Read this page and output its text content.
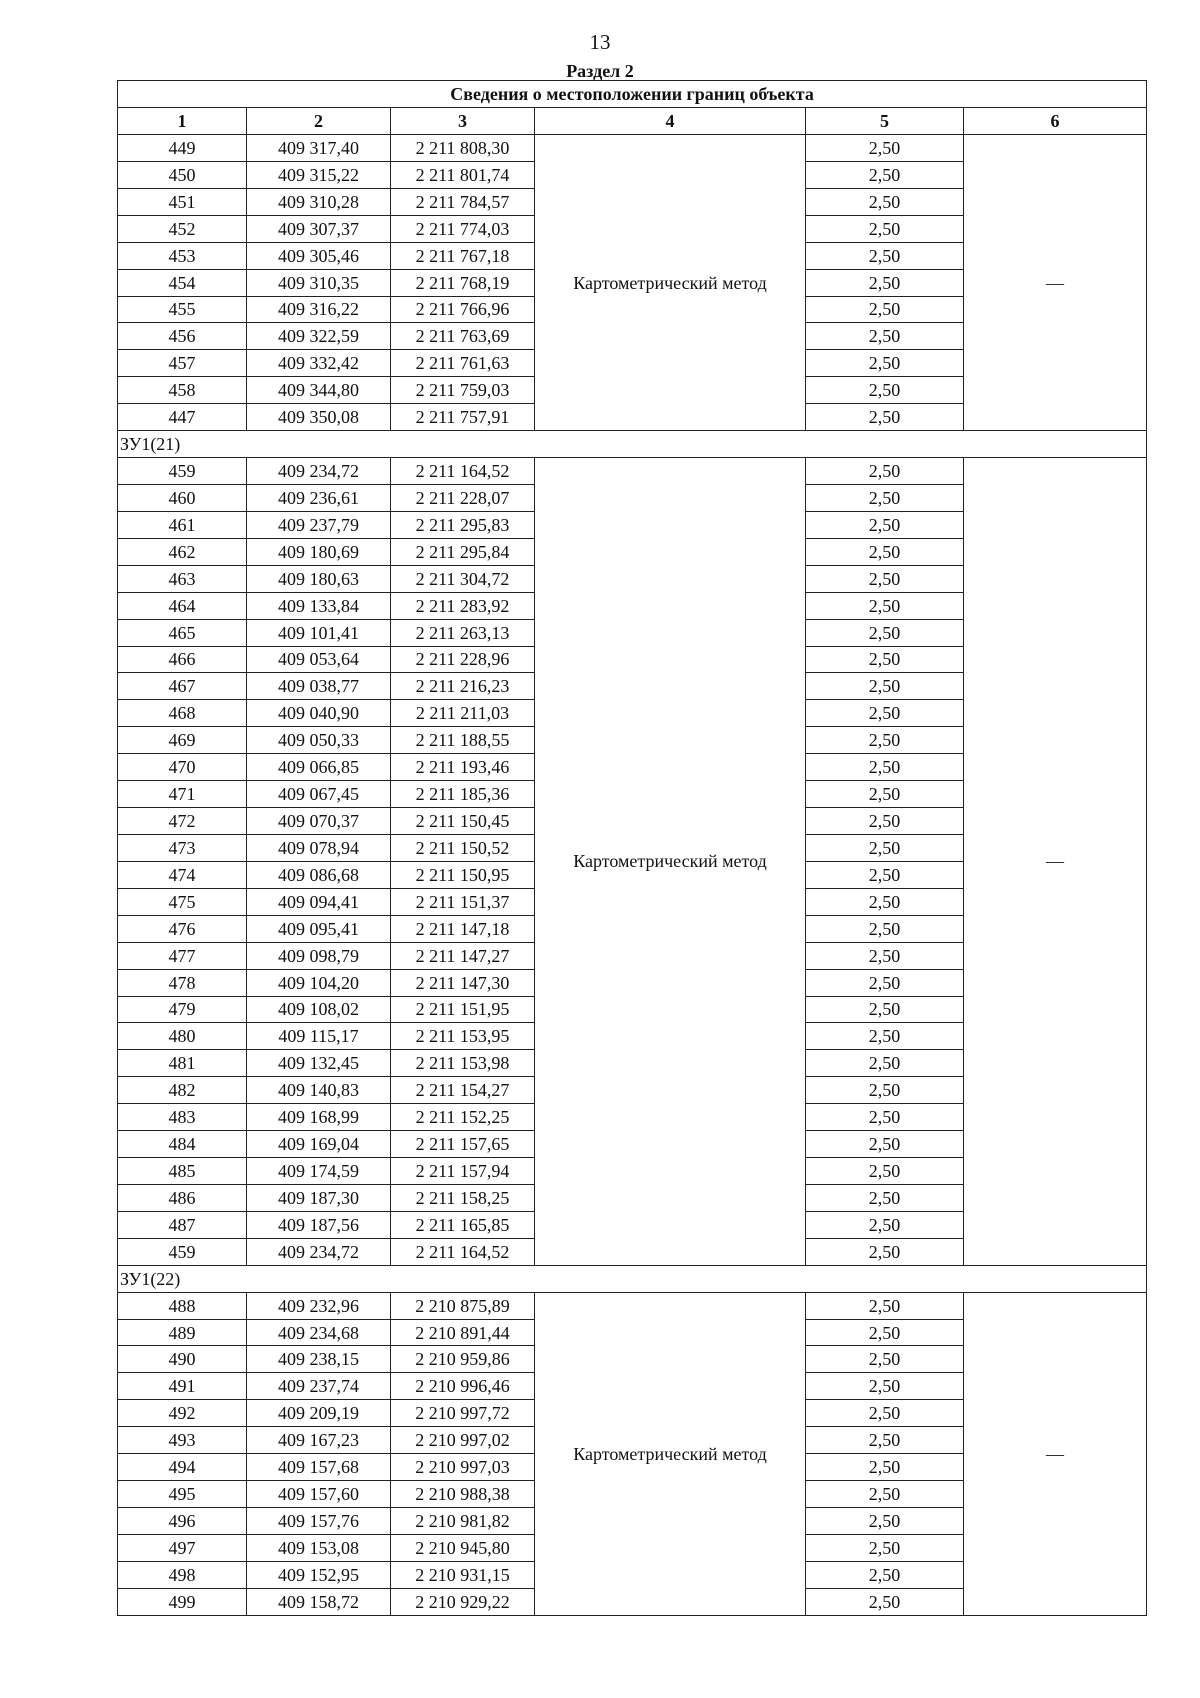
13
Раздел 2
Сведения о местоположении границ объекта					
1	2	3	4	5	6
449	409 317,40	2 211 808,30	Картометрический метод	2,50	—
450	409 315,22	2 211 801,74		2,50	
451	409 310,28	2 211 784,57		2,50	
452	409 307,37	2 211 774,03		2,50	
453	409 305,46	2 211 767,18		2,50	
454	409 310,35	2 211 768,19		2,50	
455	409 316,22	2 211 766,96		2,50	
456	409 322,59	2 211 763,69		2,50	
457	409 332,42	2 211 761,63		2,50	
458	409 344,80	2 211 759,03		2,50	
447	409 350,08	2 211 757,91		2,50	
ЗУ1(21)					
459	409 234,72	2 211 164,52	Картометрический метод	2,50	—
460	409 236,61	2 211 228,07		2,50	
461	409 237,79	2 211 295,83		2,50	
462	409 180,69	2 211 295,84		2,50	
463	409 180,63	2 211 304,72		2,50	
464	409 133,84	2 211 283,92		2,50	
465	409 101,41	2 211 263,13		2,50	
466	409 053,64	2 211 228,96		2,50	
467	409 038,77	2 211 216,23		2,50	
468	409 040,90	2 211 211,03		2,50	
469	409 050,33	2 211 188,55		2,50	
470	409 066,85	2 211 193,46		2,50	
471	409 067,45	2 211 185,36		2,50	
472	409 070,37	2 211 150,45		2,50	
473	409 078,94	2 211 150,52		2,50	
474	409 086,68	2 211 150,95		2,50	
475	409 094,41	2 211 151,37		2,50	
476	409 095,41	2 211 147,18		2,50	
477	409 098,79	2 211 147,27		2,50	
478	409 104,20	2 211 147,30		2,50	
479	409 108,02	2 211 151,95		2,50	
480	409 115,17	2 211 153,95		2,50	
481	409 132,45	2 211 153,98		2,50	
482	409 140,83	2 211 154,27		2,50	
483	409 168,99	2 211 152,25		2,50	
484	409 169,04	2 211 157,65		2,50	
485	409 174,59	2 211 157,94		2,50	
486	409 187,30	2 211 158,25		2,50	
487	409 187,56	2 211 165,85		2,50	
459	409 234,72	2 211 164,52		2,50	
ЗУ1(22)					
488	409 232,96	2 210 875,89	Картометрический метод	2,50	—
489	409 234,68	2 210 891,44		2,50	
490	409 238,15	2 210 959,86		2,50	
491	409 237,74	2 210 996,46		2,50	
492	409 209,19	2 210 997,72		2,50	
493	409 167,23	2 210 997,02		2,50	
494	409 157,68	2 210 997,03		2,50	
495	409 157,60	2 210 988,38		2,50	
496	409 157,76	2 210 981,82		2,50	
497	409 153,08	2 210 945,80		2,50	
498	409 152,95	2 210 931,15		2,50	
499	409 158,72	2 210 929,22		2,50	
